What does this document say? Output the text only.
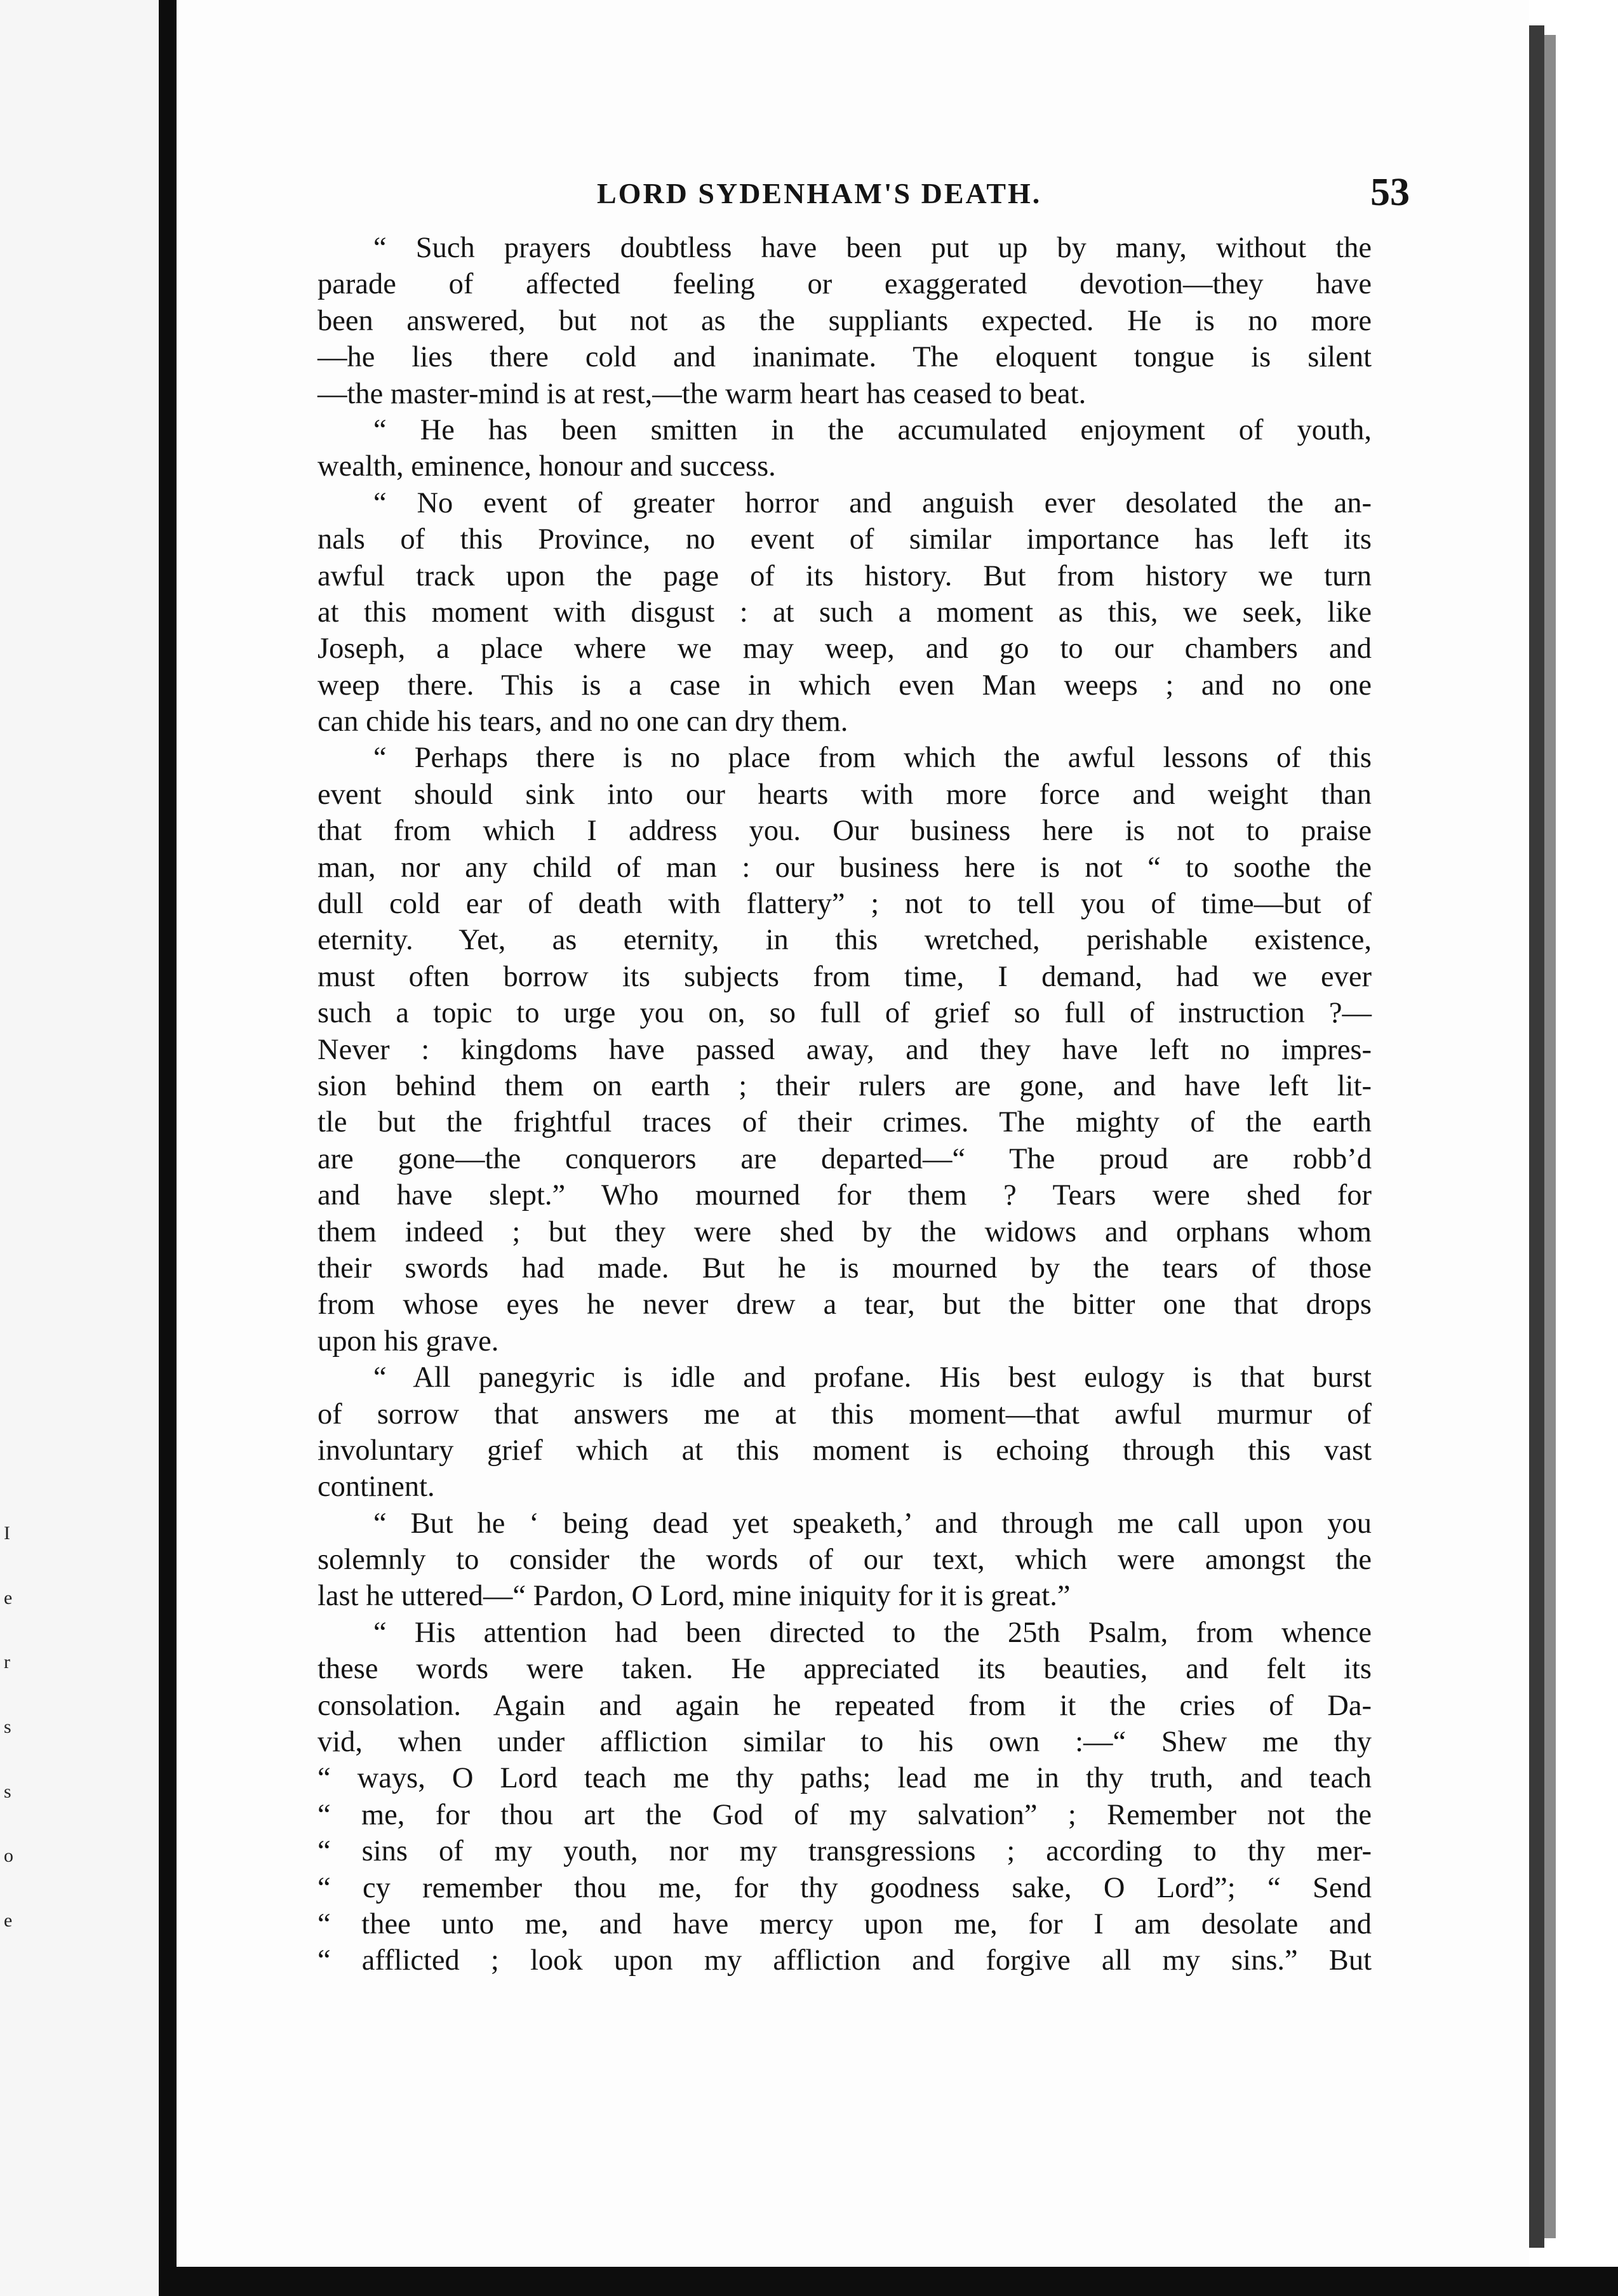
I
e
r
s
s
o
e
LORD SYDENHAM'S DEATH.	53
“ Such prayers doubtless have been put up by many, without the
parade of affected feeling or exaggerated devotion—they have
been answered, but not as the suppliants expected. He is no more
—he lies there cold and inanimate. The eloquent tongue is silent
—the master-mind is at rest,—the warm heart has ceased to beat.
“ He has been smitten in the accumulated enjoyment of youth,
wealth, eminence, honour and success.
“ No event of greater horror and anguish ever desolated the an-
nals of this Province, no event of similar importance has left its
awful track upon the page of its history. But from history we turn
at this moment with disgust : at such a moment as this, we seek, like
Joseph, a place where we may weep, and go to our chambers and
weep there. This is a case in which even Man weeps ; and no one
can chide his tears, and no one can dry them.
“ Perhaps there is no place from which the awful lessons of this
event should sink into our hearts with more force and weight than
that from which I address you. Our business here is not to praise
man, nor any child of man : our business here is not “ to soothe the
dull cold ear of death with flattery” ; not to tell you of time—but of
eternity. Yet, as eternity, in this wretched, perishable existence,
must often borrow its subjects from time, I demand, had we ever
such a topic to urge you on, so full of grief so full of instruction ?—
Never : kingdoms have passed away, and they have left no impres-
sion behind them on earth ; their rulers are gone, and have left lit-
tle but the frightful traces of their crimes. The mighty of the earth
are gone—the conquerors are departed—“ The proud are robb’d
and have slept.” Who mourned for them ? Tears were shed for
them indeed ; but they were shed by the widows and orphans whom
their swords had made. But he is mourned by the tears of those
from whose eyes he never drew a tear, but the bitter one that drops
upon his grave.
“ All panegyric is idle and profane. His best eulogy is that burst
of sorrow that answers me at this moment—that awful murmur of
involuntary grief which at this moment is echoing through this vast
continent.
“ But he ‘ being dead yet speaketh,’ and through me call upon you
solemnly to consider the words of our text, which were amongst the
last he uttered—“ Pardon, O Lord, mine iniquity for it is great.”
“ His attention had been directed to the 25th Psalm, from whence
these words were taken. He appreciated its beauties, and felt its
consolation. Again and again he repeated from it the cries of Da-
vid, when under affliction similar to his own :—“ Shew me thy
“ ways, O Lord teach me thy paths; lead me in thy truth, and teach
“ me, for thou art the God of my salvation” ; Remember not the
“ sins of my youth, nor my transgressions ; according to thy mer-
“ cy remember thou me, for thy goodness sake, O Lord”; “ Send
“ thee unto me, and have mercy upon me, for I am desolate and
“ afflicted ; look upon my affliction and forgive all my sins.” But
